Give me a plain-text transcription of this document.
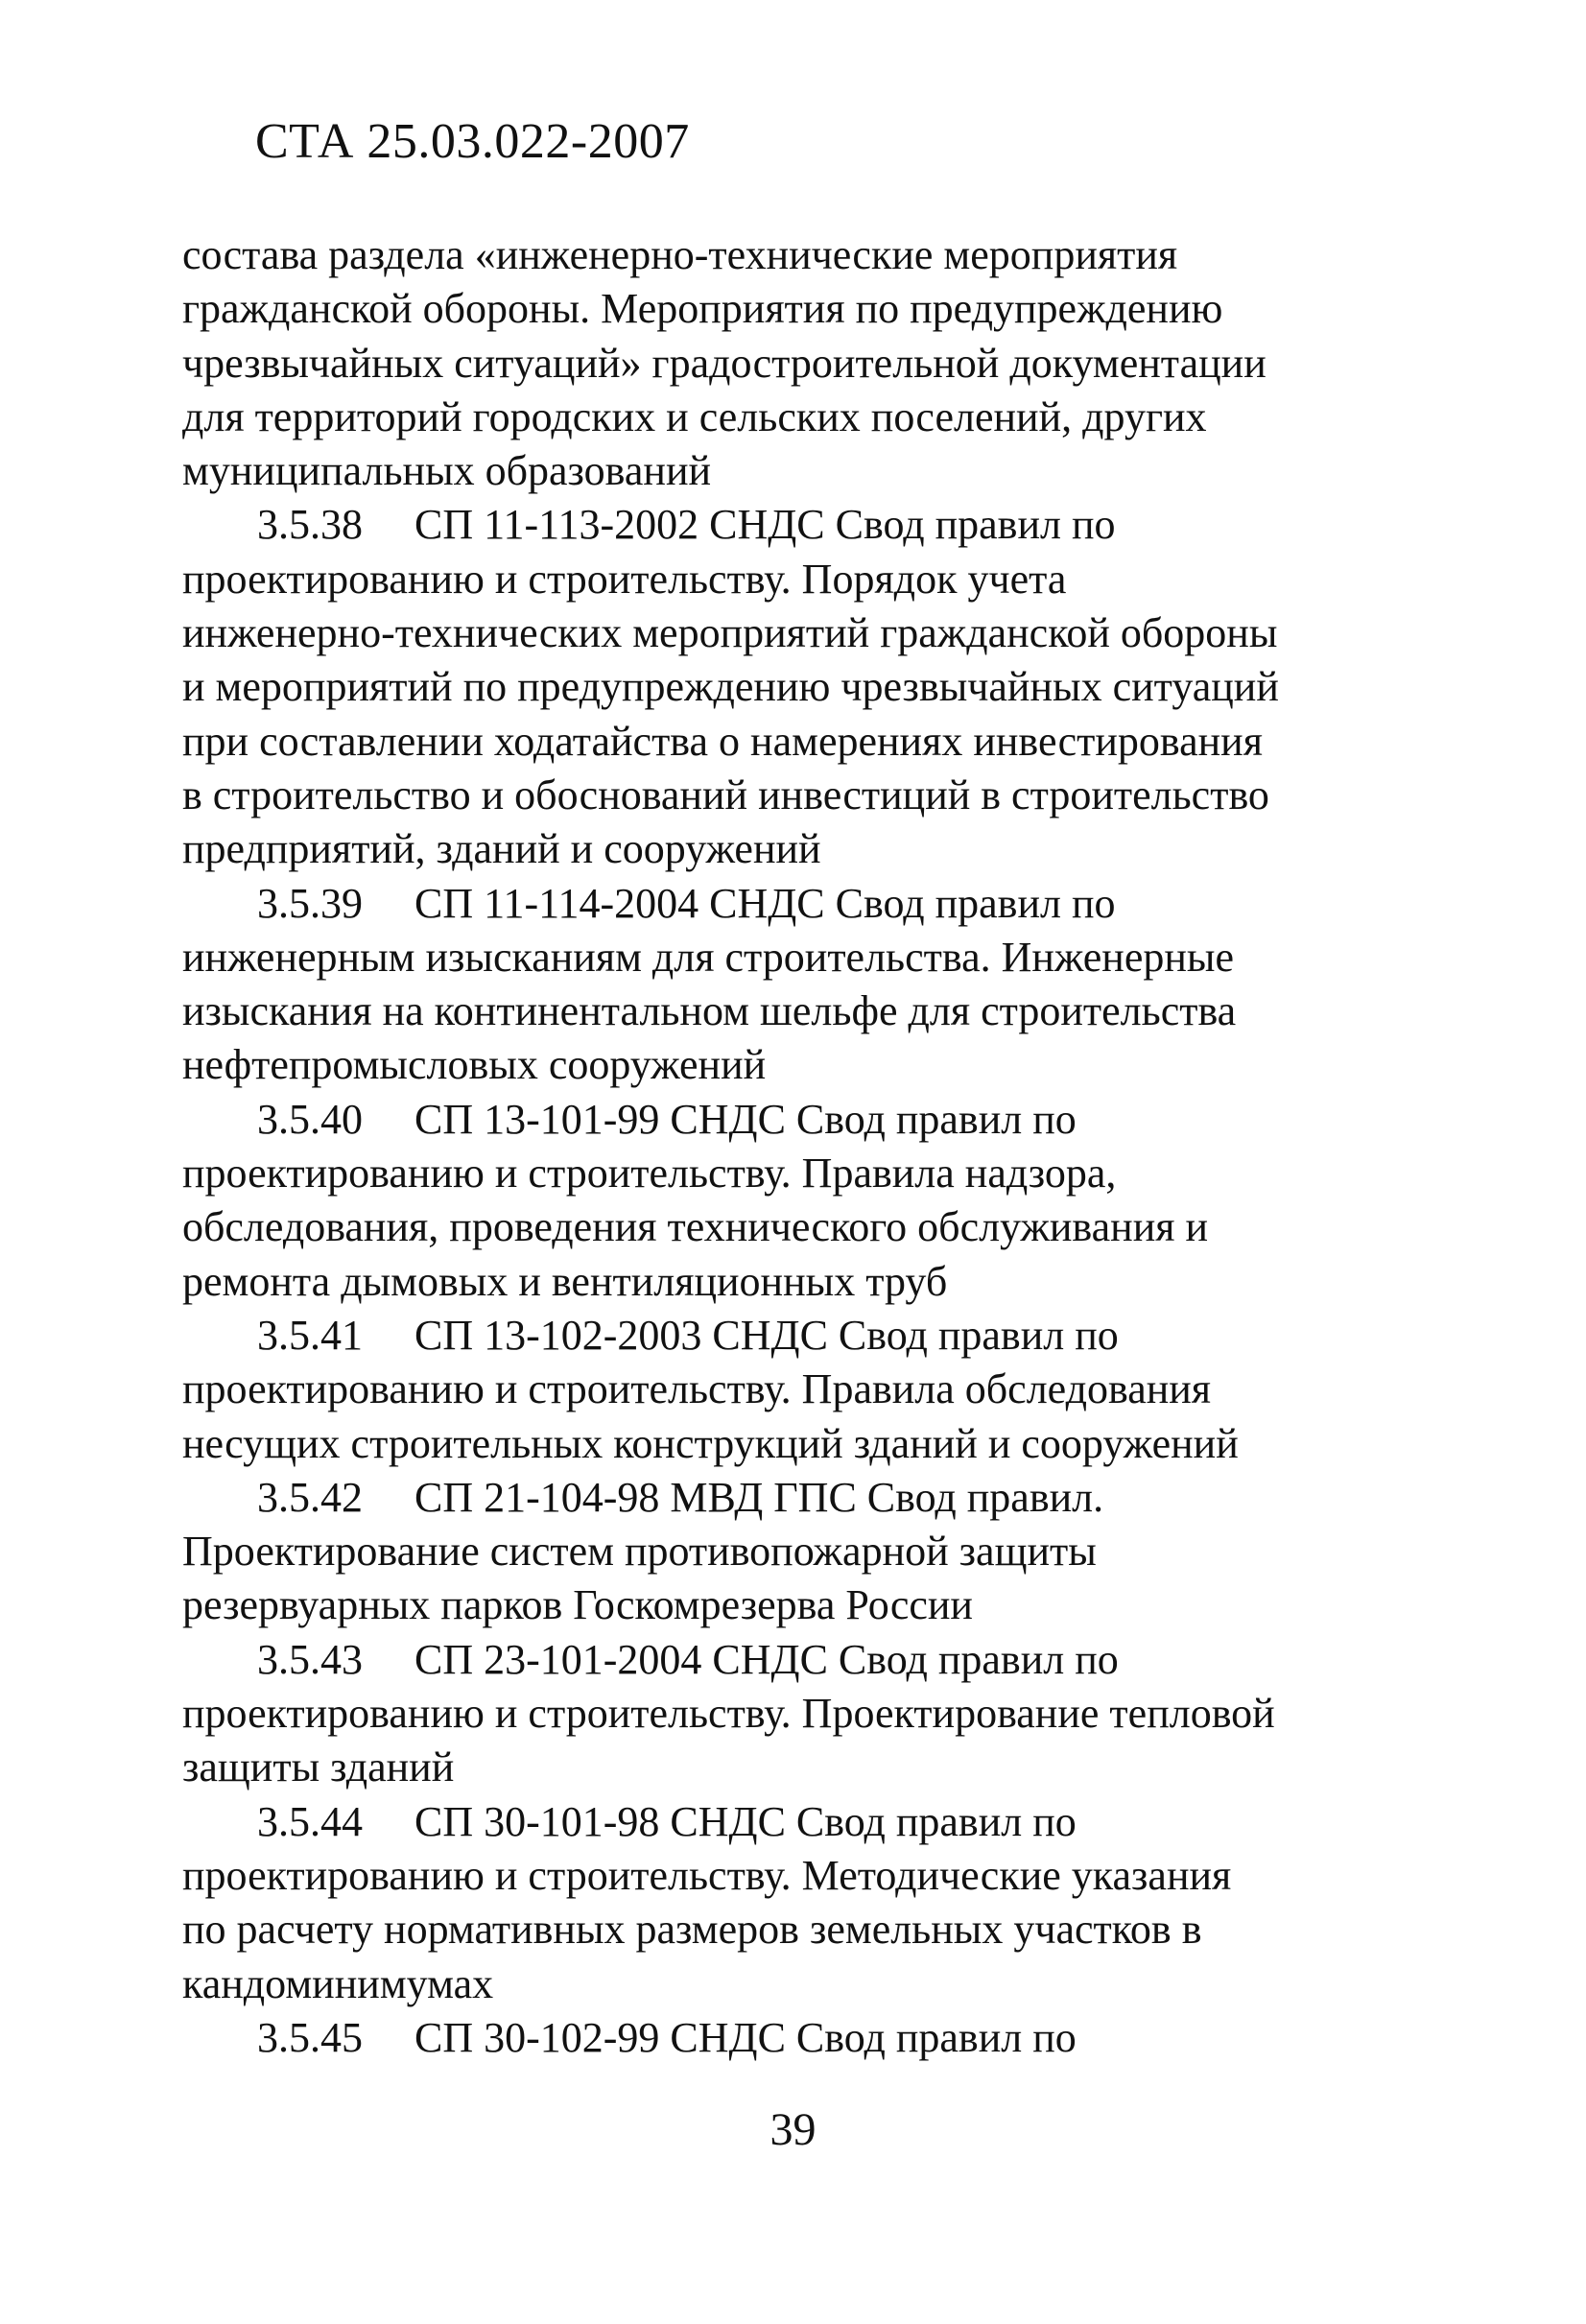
СТА 25.03.022-2007
состава раздела «инженерно-технические мероприятия
гражданской обороны. Мероприятия по предупреждению
чрезвычайных ситуаций» градостроительной документации
для территорий городских и сельских поселений, других
муниципальных образований
3.5.38 СП 11-113-2002 СНДС Свод правил по
проектированию и строительству. Порядок учета
инженерно-технических мероприятий гражданской обороны
и мероприятий по предупреждению чрезвычайных ситуаций
при составлении ходатайства о намерениях инвестирования
в строительство и обоснований инвестиций в строительство
предприятий, зданий и сооружений
3.5.39 СП 11-114-2004 СНДС Свод правил по
инженерным изысканиям для строительства. Инженерные
изыскания на континентальном шельфе для строительства
нефтепромысловых сооружений
3.5.40 СП 13-101-99 СНДС Свод правил по
проектированию и строительству. Правила надзора,
обследования, проведения технического обслуживания и
ремонта дымовых и вентиляционных труб
3.5.41 СП 13-102-2003 СНДС Свод правил по
проектированию и строительству. Правила обследования
несущих строительных конструкций зданий и сооружений
3.5.42 СП 21-104-98 МВД ГПС Свод правил.
Проектирование систем противопожарной защиты
резервуарных парков Госкомрезерва России
3.5.43 СП 23-101-2004 СНДС Свод правил по
проектированию и строительству. Проектирование тепловой
защиты зданий
3.5.44 СП 30-101-98 СНДС Свод правил по
проектированию и строительству. Методические указания
по расчету нормативных размеров земельных участков в
кандоминимумах
3.5.45 СП 30-102-99 СНДС Свод правил по
39
